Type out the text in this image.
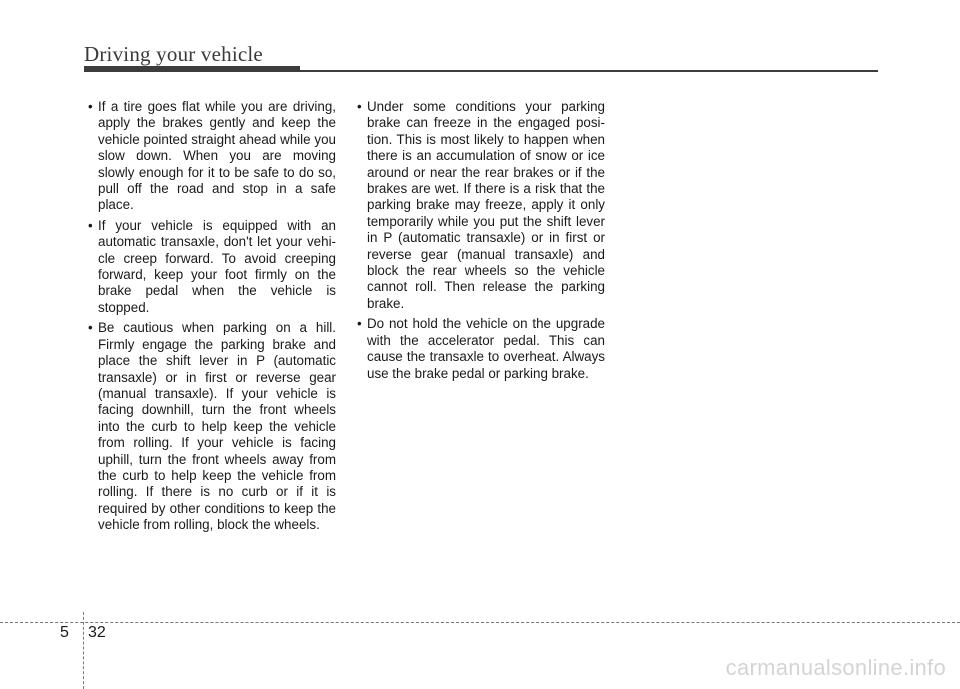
Driving your vehicle
• If a tire goes flat while you are driving, apply the brakes gently and keep the vehicle pointed straight ahead while you slow down. When you are moving slowly enough for it to be safe to do so, pull off the road and stop in a safe place.
• If your vehicle is equipped with an automatic transaxle, don't let your vehi-cle creep forward. To avoid creeping forward, keep your foot firmly on the brake pedal when the vehicle is stopped.
• Be cautious when parking on a hill. Firmly engage the parking brake and place the shift lever in P (automatic transaxle) or in first or reverse gear (manual transaxle). If your vehicle is facing downhill, turn the front wheels into the curb to help keep the vehicle from rolling. If your vehicle is facing uphill, turn the front wheels away from the curb to help keep the vehicle from rolling. If there is no curb or if it is required by other conditions to keep the vehicle from rolling, block the wheels.
• Under some conditions your parking brake can freeze in the engaged posi-tion. This is most likely to happen when there is an accumulation of snow or ice around or near the rear brakes or if the brakes are wet. If there is a risk that the parking brake may freeze, apply it only temporarily while you put the shift lever in P (automatic transaxle) or in first or reverse gear (manual transaxle) and block the rear wheels so the vehicle cannot roll. Then release the parking brake.
• Do not hold the vehicle on the upgrade with the accelerator pedal. This can cause the transaxle to overheat. Always use the brake pedal or parking brake.
5 32
carmanualsonline.info
